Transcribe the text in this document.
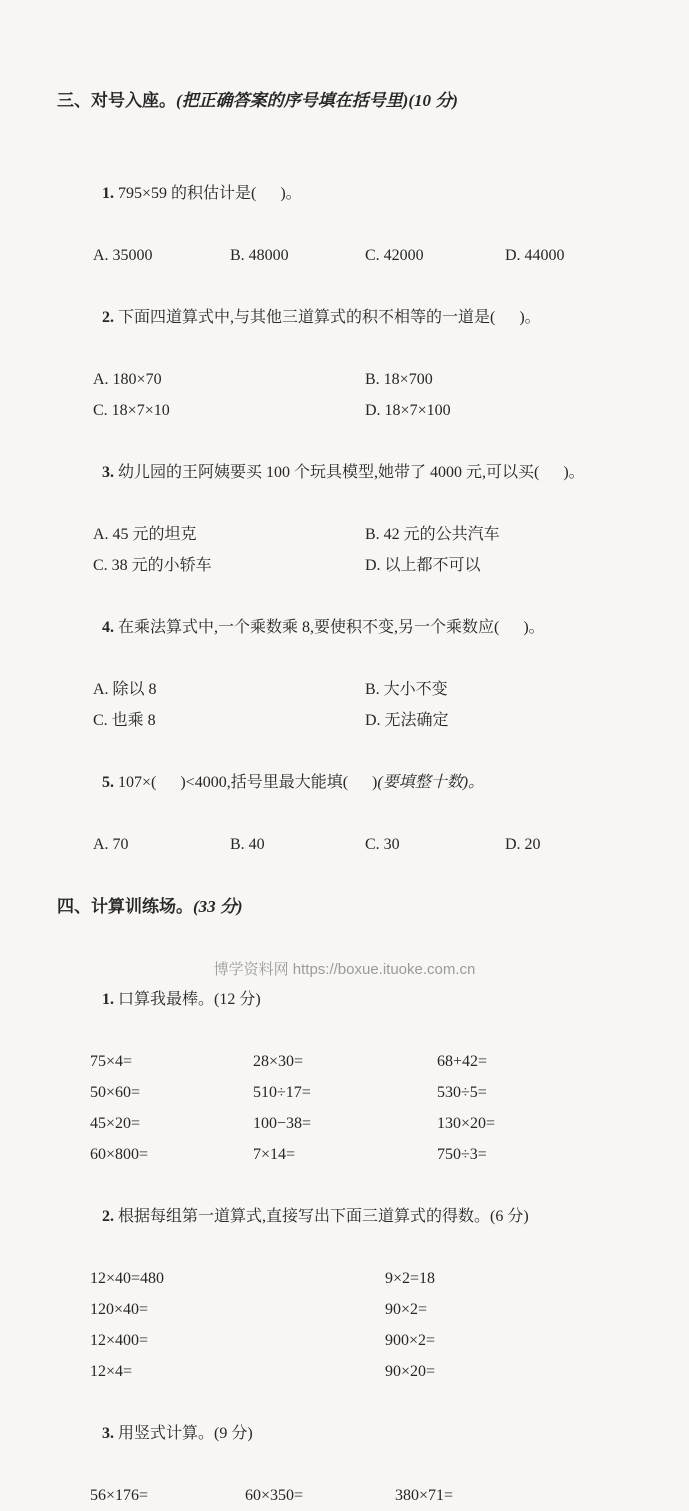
三、对号入座。(把正确答案的序号填在括号里)(10 分)

1. 795×59 的积估计是(      )。

A. 35000	B. 48000	C. 42000	D. 44000

2. 下面四道算式中,与其他三道算式的积不相等的一道是(      )。

A. 180×70	B. 18×700
C. 18×7×10	D. 18×7×100

3. 幼儿园的王阿姨要买 100 个玩具模型,她带了 4000 元,可以买(      )。

A. 45 元的坦克	B. 42 元的公共汽车
C. 38 元的小轿车	D. 以上都不可以

4. 在乘法算式中,一个乘数乘 8,要使积不变,另一个乘数应(      )。

A. 除以 8	B. 大小不变
C. 也乘 8	D. 无法确定

5. 107×(      )<4000,括号里最大能填(      )(要填整十数)。

A. 70	B. 40	C. 30	D. 20

四、计算训练场。(33 分)

1. 口算我最棒。(12 分)

75×4=	28×30=	68+42=
50×60=	510÷17=	530÷5=
45×20=	100−38=	130×20=
60×800=	7×14=	750÷3=

2. 根据每组第一道算式,直接写出下面三道算式的得数。(6 分)

12×40=480	9×2=18
120×40=	90×2=
12×400=	900×2=
12×4=	90×20=

3. 用竖式计算。(9 分)

56×176=	60×350=	380×71=
博学资料网 https://boxue.ituoke.com.cn
